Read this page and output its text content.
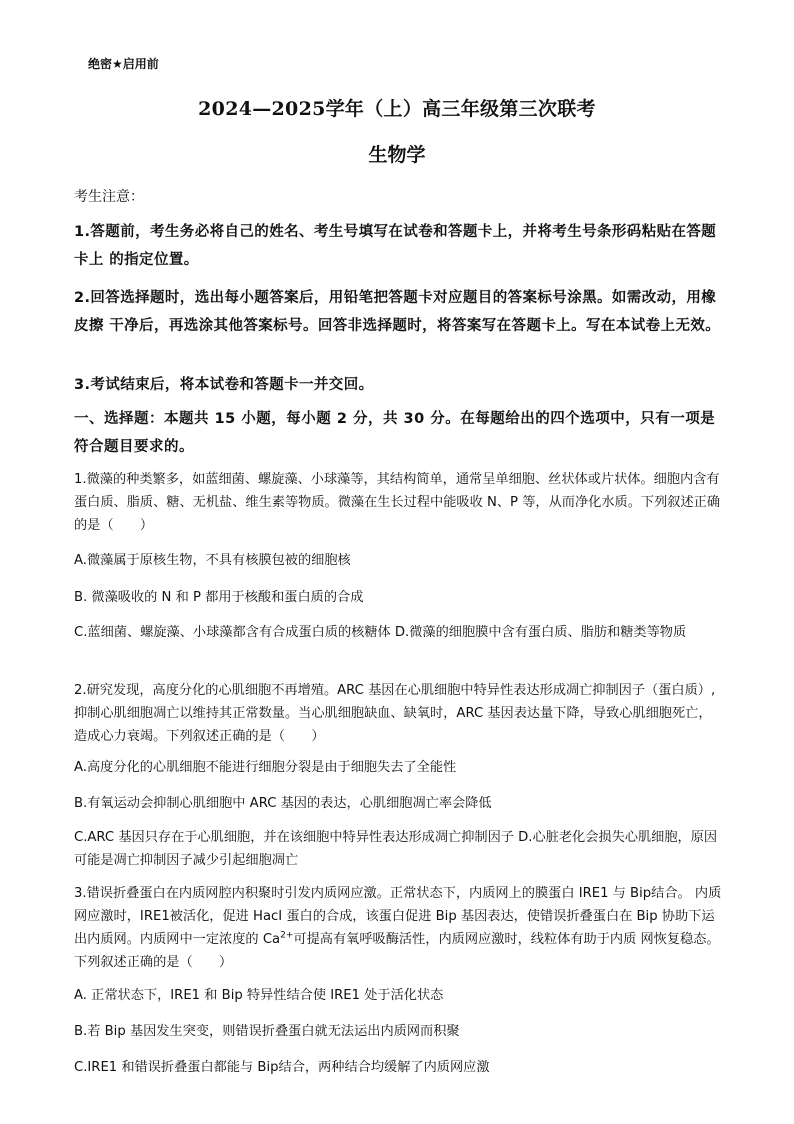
绝密★启用前
2024—2025学年（上）高三年级第三次联考
生物学
考生注意：
1.答题前，考生务必将自己的姓名、考生号填写在试卷和答题卡上，并将考生号条形码粘贴在答题卡上 的指定位置。
2.回答选择题时，选出每小题答案后，用铅笔把答题卡对应题目的答案标号涂黑。如需改动，用橡皮擦 干净后，再选涂其他答案标号。回答非选择题时，将答案写在答题卡上。写在本试卷上无效。
3.考试结束后，将本试卷和答题卡一并交回。
一、选择题：本题共 15 小题，每小题 2 分，共 30 分。在每题给出的四个选项中，只有一项是符合题目要求的。
1.微藻的种类繁多，如蓝细菌、螺旋藻、小球藻等，其结构简单，通常呈单细胞、丝状体或片状体。细胞内含有蛋白质、脂质、糖、无机盐、维生素等物质。微藻在生长过程中能吸收 N、P 等，从而净化水质。下列叙述正确的是（　　）
A.微藻属于原核生物，不具有核膜包被的细胞核
B. 微藻吸收的 N 和 P 都用于核酸和蛋白质的合成
C.蓝细菌、螺旋藻、小球藻都含有合成蛋白质的核糖体 D.微藻的细胞膜中含有蛋白质、脂肪和糖类等物质
2.研究发现，高度分化的心肌细胞不再增殖。ARC 基因在心肌细胞中特异性表达形成凋亡抑制因子（蛋白质）,抑制心肌细胞凋亡以维持其正常数量。当心肌细胞缺血、缺氧时，ARC 基因表达量下降，导致心肌细胞死亡，造成心力衰竭。下列叙述正确的是（　　）
A.高度分化的心肌细胞不能进行细胞分裂是由于细胞失去了全能性
B.有氧运动会抑制心肌细胞中 ARC 基因的表达，心肌细胞凋亡率会降低
C.ARC 基因只存在于心肌细胞，并在该细胞中特异性表达形成凋亡抑制因子 D.心脏老化会损失心肌细胞，原因可能是凋亡抑制因子减少引起细胞凋亡
3.错误折叠蛋白在内质网腔内积聚时引发内质网应激。正常状态下，内质网上的膜蛋白 IRE1 与 Bip结合。 内质网应激时，IRE1被活化，促进 HacI 蛋白的合成，该蛋白促进 Bip 基因表达，使错误折叠蛋白在 Bip 协助下运出内质网。内质网中一定浓度的 $Ca^{2+}$可提高有氧呼吸酶活性，内质网应激时，线粒体有助于内质 网恢复稳态。下列叙述正确的是（　　）
A. 正常状态下，IRE1 和 Bip 特异性结合使 IRE1 处于活化状态
B.若 Bip 基因发生突变，则错误折叠蛋白就无法运出内质网而积聚
C.IRE1 和错误折叠蛋白都能与 Bip结合，两种结合均缓解了内质网应激
